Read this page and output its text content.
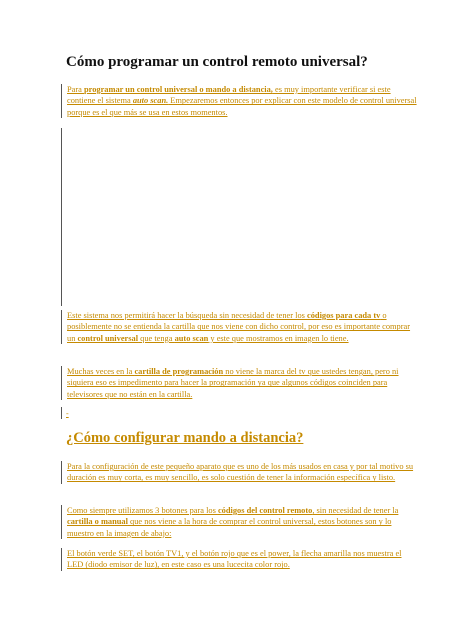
Cómo programar un control remoto universal?

Para programar un control universal o mando a distancia, es muy importante verificar si este contiene el sistema auto scan. Empezaremos entonces por explicar con este modelo de control universal porque es el que más se usa en estos momentos.

Este sistema nos permitirá hacer la búsqueda sin necesidad de tener los códigos para cada tv o posiblemente no se entienda la cartilla que nos viene con dicho control, por eso es importante comprar un control universal que tenga auto scan y este que mostramos en imagen lo tiene.

Muchas veces en la cartilla de programación no viene la marca del tv que ustedes tengan, pero ni siquiera eso es impedimento para hacer la programación ya que algunos códigos coinciden para televisores que no están en la cartilla.

-
¿Cómo configurar mando a distancia?

Para la configuración de este pequeño aparato que es uno de los más usados en casa y por tal motivo su duración es muy corta, es muy sencillo, es solo cuestión de tener la información específica y listo.

Como siempre utilizamos 3 botones para los códigos del control remoto, sin necesidad de tener la cartilla o manual que nos viene a la hora de comprar el control universal, estos botones son y lo muestro en la imagen de abajo:

El botón verde SET, el botón TV1, y el botón rojo que es el power, la flecha amarilla nos muestra el LED (diodo emisor de luz), en este caso es una lucecita color rojo.
